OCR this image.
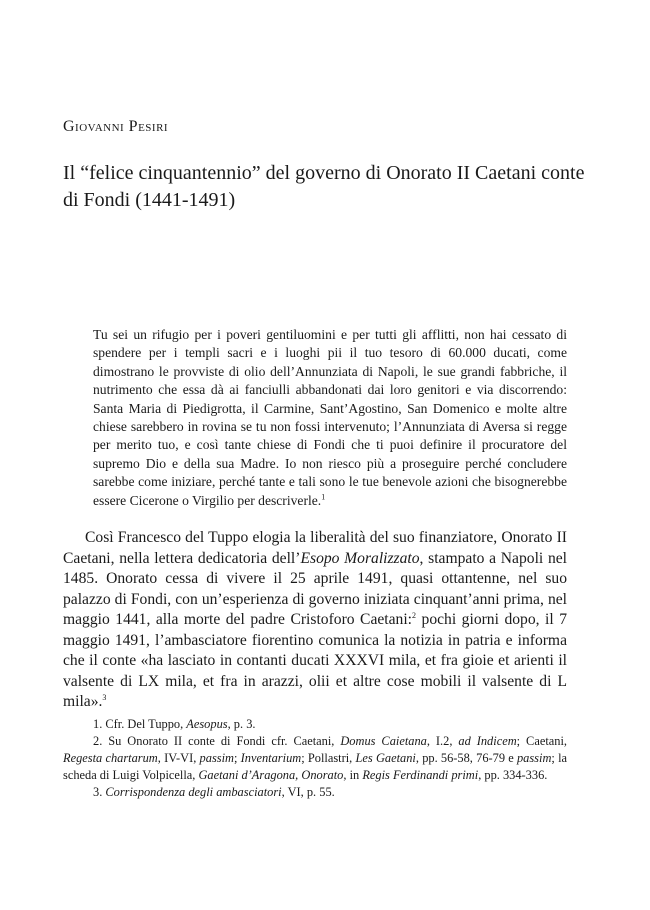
Giovanni Pesiri

Il “felice cinquantennio” del governo di Onorato II Caetani conte di Fondi (1441-1491)

Tu sei un rifugio per i poveri gentiluomini e per tutti gli afflitti, non hai cessato di spendere per i templi sacri e i luoghi pii il tuo tesoro di 60.000 ducati, come dimostrano le provviste di olio dell’Annunziata di Napoli, le sue grandi fabbriche, il nutrimento che essa dà ai fanciulli abbandonati dai loro genitori e via discorrendo: Santa Maria di Piedigrotta, il Carmine, Sant’Agostino, San Domenico e molte altre chiese sarebbero in rovina se tu non fossi intervenuto; l’Annunziata di Aversa si regge per merito tuo, e così tante chiese di Fondi che ti puoi definire il procuratore del supremo Dio e della sua Madre. Io non riesco più a proseguire perché concludere sarebbe come iniziare, perché tante e tali sono le tue benevole azioni che bisognerebbe essere Cicerone o Virgilio per descriverle.$^1$

Così Francesco del Tuppo elogia la liberalità del suo finanziatore, Onorato II Caetani, nella lettera dedicatoria dell’Esopo Moralizzato, stampato a Napoli nel 1485. Onorato cessa di vivere il 25 aprile 1491, quasi ottantenne, nel suo palazzo di Fondi, con un’esperienza di governo iniziata cinquant’anni prima, nel maggio 1441, alla morte del padre Cristoforo Caetani:$^2$ pochi giorni dopo, il 7 maggio 1491, l’ambasciatore fiorentino comunica la notizia in patria e informa che il conte «ha lasciato in contanti ducati XXXVI mila, et fra gioie et arienti il valsente di LX mila, et fra in arazzi, olii et altre cose mobili il valsente di L mila».$^3$

1. Cfr. Del Tuppo, Aesopus, p. 3.
2. Su Onorato II conte di Fondi cfr. Caetani, Domus Caietana, I.2, ad Indicem; Caetani, Regesta chartarum, IV-VI, passim; Inventarium; Pollastri, Les Gaetani, pp. 56-58, 76-79 e passim; la scheda di Luigi Volpicella, Gaetani d’Aragona, Onorato, in Regis Ferdinandi primi, pp. 334-336.
3. Corrispondenza degli ambasciatori, VI, p. 55.
